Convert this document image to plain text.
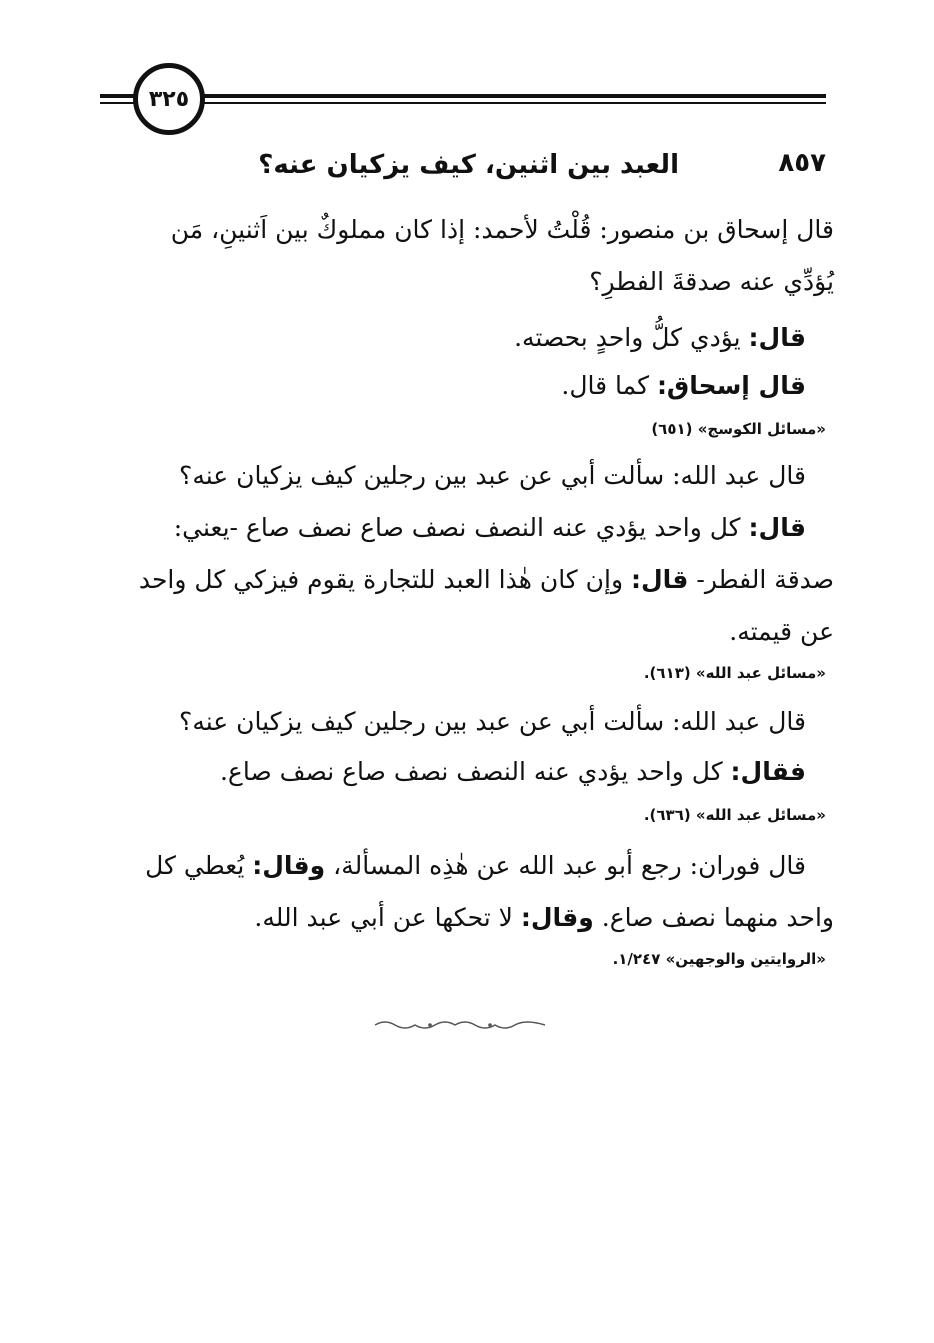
٣٢٥
٨٥٧
العبد بين اثنين، كيف يزكيان عنه؟
قال إسحاق بن منصور: قُلْتُ لأحمد: إذا كان مملوكٌ بين اَثنينِ، مَن
يُؤدِّي عنه صدقةَ الفطرِ؟
قال: يؤدي كلُّ واحدٍ بحصته.
قال إسحاق: كما قال.
«مسائل الكوسج» (٦٥١)
قال عبد الله: سألت أبي عن عبد بين رجلين كيف يزكيان عنه؟
قال: كل واحد يؤدي عنه النصف نصف صاع نصف صاع -يعني:
صدقة الفطر- قال: وإن كان هٰذا العبد للتجارة يقوم فيزكي كل واحد
عن قيمته.
«مسائل عبد الله» (٦١٣).
قال عبد الله: سألت أبي عن عبد بين رجلين كيف يزكيان عنه؟
فقال: كل واحد يؤدي عنه النصف نصف صاع نصف صاع.
«مسائل عبد الله» (٦٣٦).
قال فوران: رجع أبو عبد الله عن هٰذِه المسألة، وقال: يُعطي كل
واحد منهما نصف صاع. وقال: لا تحكها عن أبي عبد الله.
«الروايتين والوجهين» ١/٢٤٧.
